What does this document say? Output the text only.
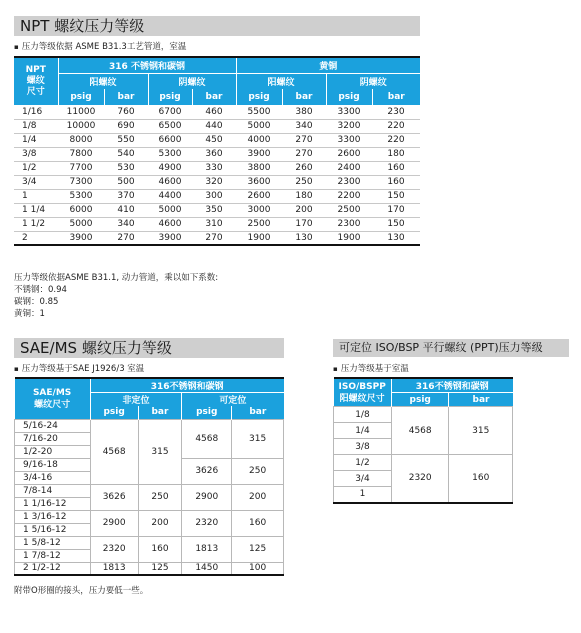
NPT 螺纹压力等级
▪ 压力等级依据 ASME B31.3工艺管道，室温
NPT
螺纹
尺寸	316 不锈钢和碳钢				黄铜			
	阳螺纹		阴螺纹		阳螺纹		阴螺纹	
	psig	bar	psig	bar	psig	bar	psig	bar
1/16	11000	760	6700	460	5500	380	3300	230
1/8	10000	690	6500	440	5000	340	3200	220
1/4	8000	550	6600	450	4000	270	3300	220
3/8	7800	540	5300	360	3900	270	2600	180
1/2	7700	530	4900	330	3800	260	2400	160
3/4	7300	500	4600	320	3600	250	2300	160
1	5300	370	4400	300	2600	180	2200	150
1 1/4	6000	410	5000	350	3000	200	2500	170
1 1/2	5000	340	4600	310	2500	170	2300	150
2	3900	270	3900	270	1900	130	1900	130
压力等级依据ASME B31.1, 动力管道，乘以如下系数:
不锈钢：0.94
碳钢：0.85
黄铜：1
SAE/MS 螺纹压力等级
▪ 压力等级基于SAE J1926/3 室温
SAE/MS
螺纹尺寸	316不锈钢和碳钢			
	非定位		可定位	
	psig	bar	psig	bar
5/16-24	4568	315	4568	315
7/16-20				
1/2-20				
9/16-18			3626	250
3/4-16				
7/8-14	3626	250	2900	200
1 1/16-12				
1 3/16-12	2900	200	2320	160
1 5/16-12				
1 5/8-12	2320	160	1813	125
1 7/8-12				
2 1/2-12	1813	125	1450	100
附带O形圈的接头，压力要低一些。
可定位 ISO/BSP 平行螺纹 (PPT)压力等级
▪ 压力等级基于室温
ISO/BSPP
阳螺纹尺寸	316不锈钢和碳钢	
	psig	bar
1/8	4568	315
1/4		
3/8		
1/2	2320	160
3/4		
1		
